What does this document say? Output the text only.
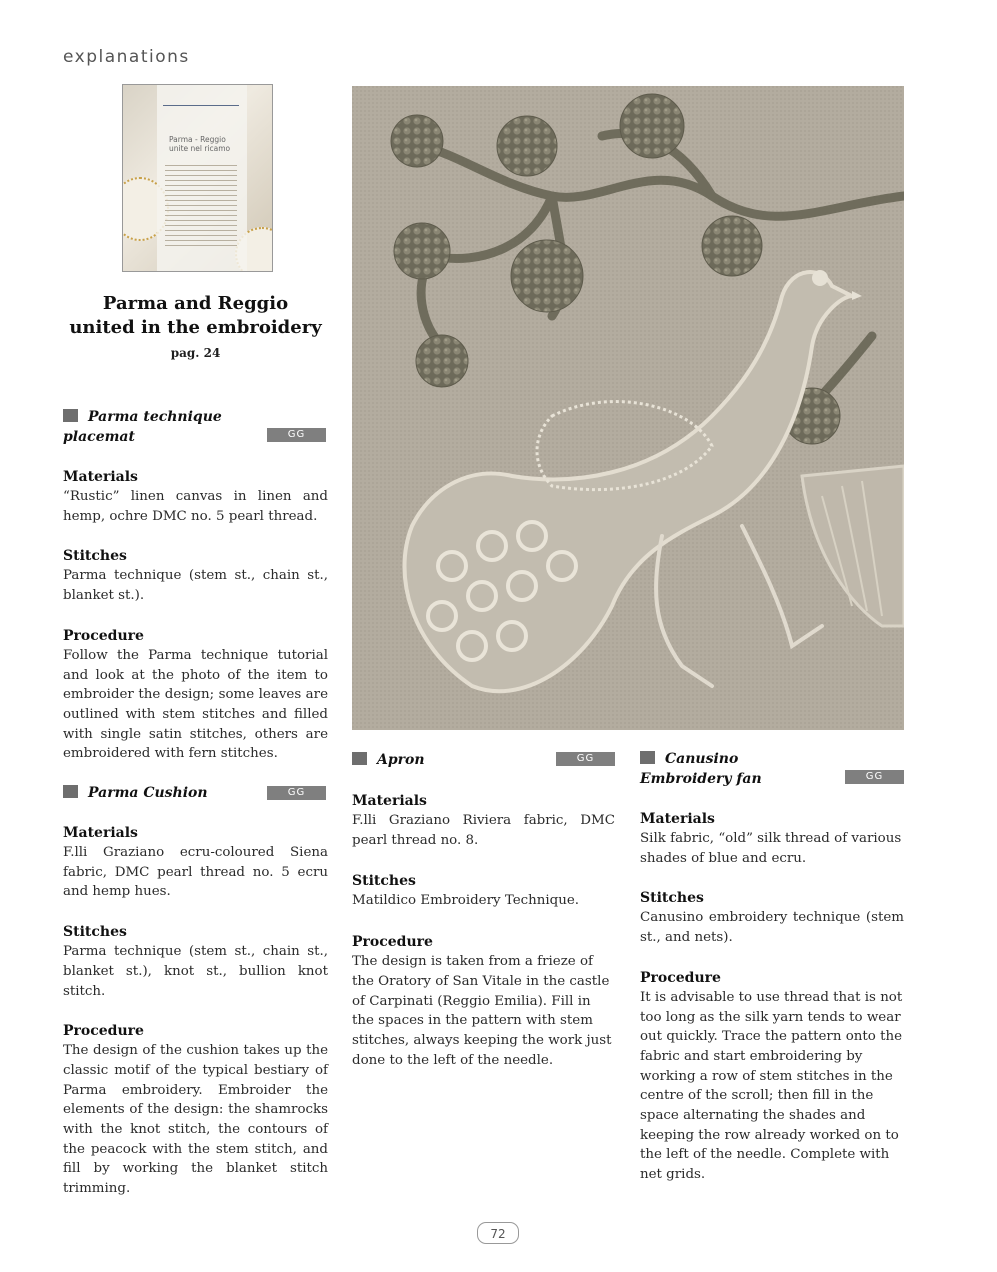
explanations
Parma - Reggio unite nel ricamo
Parma and Reggio
united in the embroidery
pag. 24
Parma technique
placemat	GG
Materials
“Rustic” linen canvas in linen and hemp, ochre DMC no. 5 pearl thread.
Stitches
Parma technique (stem st., chain st., blanket st.).
Procedure
Follow the Parma technique tutorial and look at the photo of the item to embroider the design; some leaves are outlined with stem stitches and filled with single satin stitches, others are embroidered with fern stitches.
Parma Cushion	GG
Materials
F.lli Graziano ecru-coloured Siena fabric, DMC pearl thread no. 5 ecru and hemp hues.
Stitches
Parma technique (stem st., chain st., blanket st.), knot st., bullion knot stitch.
Procedure
The design of the cushion takes up the classic motif of the typical bestiary of Parma embroidery. Embroider the elements of the design: the shamrocks with the knot stitch, the contours of the peacock with the stem stitch, and fill by working the blanket stitch trimming.
Apron	GG
Materials
F.lli Graziano Riviera fabric, DMC pearl thread no. 8.
Stitches
Matildico Embroidery Technique.
Procedure
The design is taken from a frieze of the Oratory of San Vitale in the castle of Carpinati (Reggio Emilia). Fill in the spaces in the pattern with stem stitches, always keeping the work just done to the left of the needle.
Canusino
Embroidery fan	GG
Materials
Silk fabric, “old” silk thread of various shades of blue and ecru.
Stitches
Canusino embroidery technique (stem st., and nets).
Procedure
It is advisable to use thread that is not too long as the silk yarn tends to wear out quickly. Trace the pattern onto the fabric and start embroidering by working a row of stem stitches in the centre of the scroll; then fill in the space alternating the shades and keeping the row already worked on to the left of the needle. Complete with net grids.
72
